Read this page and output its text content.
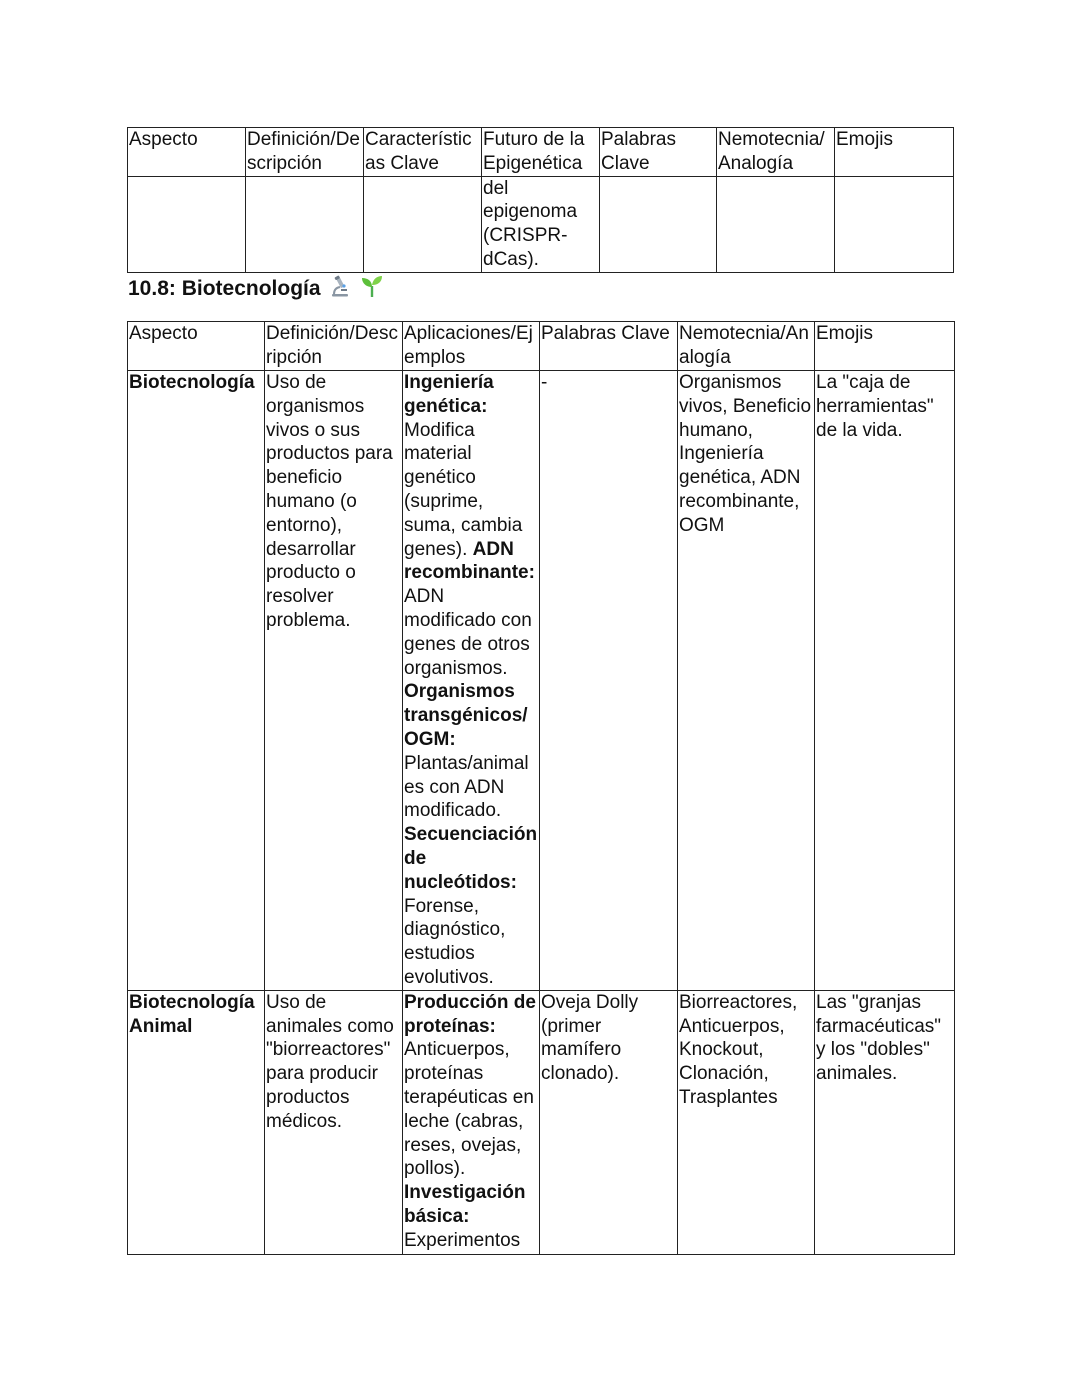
Aspecto	Definición/Descripción	Características Clave	Futuro de la Epigenética	Palabras Clave	Nemotecnia/ Analogía	Emojis
			del epigenoma (CRISPR-dCas).			
10.8: Biotecnología
Aspecto	Definición/Descripción	Aplicaciones/Ejemplos	Palabras Clave	Nemotecnia/Analogía	Emojis
Biotecnología	Uso de organismos vivos o sus productos para beneficio humano (o entorno), desarrollar producto o resolver problema.	Ingeniería genética: Modifica material genético (suprime, suma, cambia genes). ADN recombinante: ADN modificado con genes de otros organismos. Organismos transgénicos/ OGM: Plantas/animales con ADN modificado. Secuenciación de nucleótidos: Forense, diagnóstico, estudios evolutivos.	-	Organismos vivos, Beneficio humano, Ingeniería genética, ADN recombinante, OGM	La "caja de herramientas" de la vida.
Biotecnología Animal	Uso de animales como "biorreactores" para producir productos médicos.	Producción de proteínas: Anticuerpos, proteínas terapéuticas en leche (cabras, reses, ovejas, pollos). Investigación básica: Experimentos	Oveja Dolly (primer mamífero clonado).	Biorreactores, Anticuerpos, Knockout, Clonación, Trasplantes	Las "granjas farmacéuticas" y los "dobles" animales.
